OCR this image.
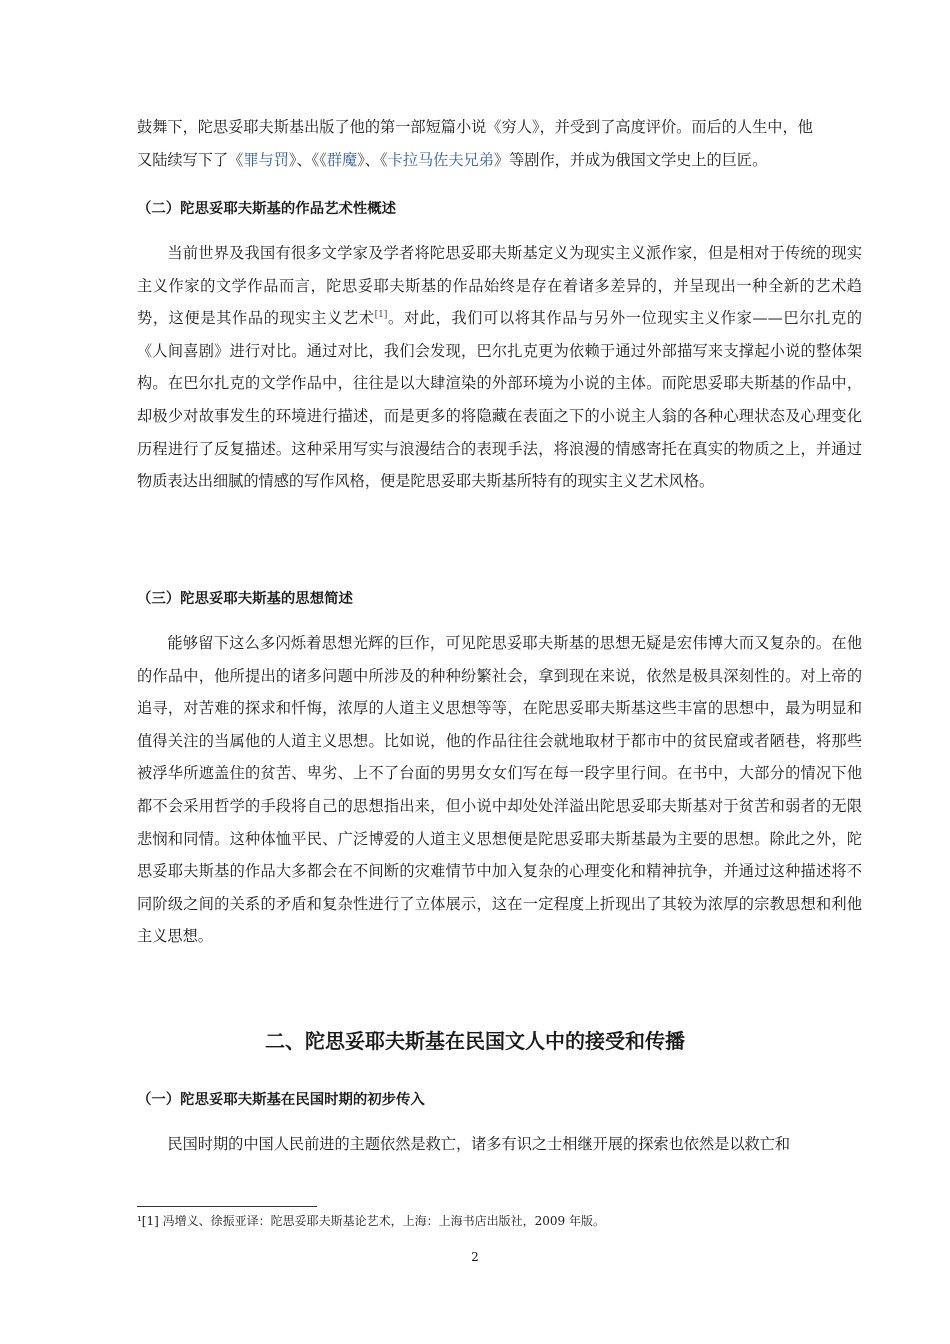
鼓舞下，陀思妥耶夫斯基出版了他的第一部短篇小说《穷人》，并受到了高度评价。而后的人生中，他

又陆续写下了《罪与罚》、《《群魔》、《卡拉马佐夫兄弟》等剧作，并成为俄国文学史上的巨匠。

（二）陀思妥耶夫斯基的作品艺术性概述

当前世界及我国有很多文学家及学者将陀思妥耶夫斯基定义为现实主义派作家，但是相对于传统的现实主义作家的文学作品而言，陀思妥耶夫斯基的作品始终是存在着诸多差异的，并呈现出一种全新的艺术趋势，这便是其作品的现实主义艺术[1]。对此，我们可以将其作品与另外一位现实主义作家——巴尔扎克的《人间喜剧》进行对比。通过对比，我们会发现，巴尔扎克更为依赖于通过外部描写来支撑起小说的整体架构。在巴尔扎克的文学作品中，往往是以大肆渲染的外部环境为小说的主体。而陀思妥耶夫斯基的作品中，却极少对故事发生的环境进行描述，而是更多的将隐藏在表面之下的小说主人翁的各种心理状态及心理变化历程进行了反复描述。这种采用写实与浪漫结合的表现手法，将浪漫的情感寄托在真实的物质之上，并通过物质表达出细腻的情感的写作风格，便是陀思妥耶夫斯基所特有的现实主义艺术风格。

（三）陀思妥耶夫斯基的思想简述

能够留下这么多闪烁着思想光辉的巨作，可见陀思妥耶夫斯基的思想无疑是宏伟博大而又复杂的。在他的作品中，他所提出的诸多问题中所涉及的种种纷繁社会，拿到现在来说，依然是极具深刻性的。对上帝的追寻，对苦难的探求和忏悔，浓厚的人道主义思想等等，在陀思妥耶夫斯基这些丰富的思想中，最为明显和值得关注的当属他的人道主义思想。比如说，他的作品往往会就地取材于都市中的贫民窟或者陋巷，将那些被浮华所遮盖住的贫苦、卑劣、上不了台面的男男女女们写在每一段字里行间。在书中，大部分的情况下他都不会采用哲学的手段将自己的思想指出来，但小说中却处处洋溢出陀思妥耶夫斯基对于贫苦和弱者的无限悲悯和同情。这种体恤平民、广泛博爱的人道主义思想便是陀思妥耶夫斯基最为主要的思想。除此之外，陀思妥耶夫斯基的作品大多都会在不间断的灾难情节中加入复杂的心理变化和精神抗争，并通过这种描述将不同阶级之间的关系的矛盾和复杂性进行了立体展示，这在一定程度上折现出了其较为浓厚的宗教思想和利他主义思想。

二、陀思妥耶夫斯基在民国文人中的接受和传播

（一）陀思妥耶夫斯基在民国时期的初步传入

民国时期的中国人民前进的主题依然是救亡，诸多有识之士相继开展的探索也依然是以救亡和

¹[1] 冯增义、徐振亚译：陀思妥耶夫斯基论艺术，上海：上海书店出版社，2009 年版。

2
